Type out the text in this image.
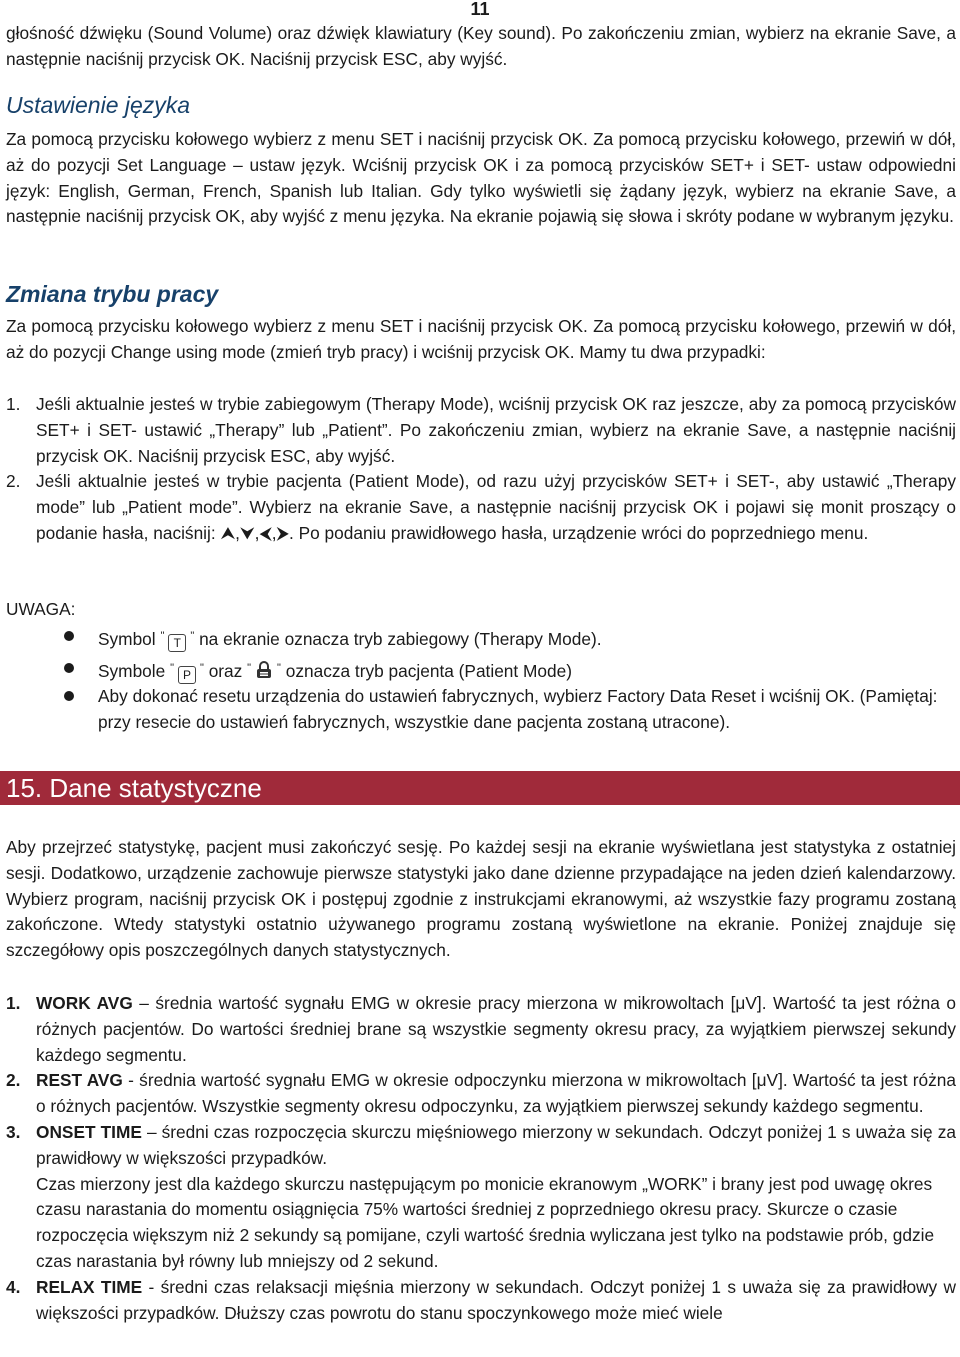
11
głośność dźwięku (Sound Volume) oraz dźwięk klawiatury (Key sound). Po zakończeniu zmian, wybierz na ekranie Save, a następnie naciśnij przycisk OK. Naciśnij przycisk ESC, aby wyjść.
Ustawienie języka
Za pomocą przycisku kołowego wybierz z menu SET i naciśnij przycisk OK. Za pomocą przycisku kołowego, przewiń w dół, aż do pozycji Set Language – ustaw język. Wciśnij przycisk OK i za pomocą przycisków SET+ i SET- ustaw odpowiedni język: English, German, French, Spanish lub Italian. Gdy tylko wyświetli się żądany język, wybierz na ekranie Save, a następnie naciśnij przycisk OK, aby wyjść z menu języka. Na ekranie pojawią się słowa i skróty podane w wybranym języku.
Zmiana trybu pracy
Za pomocą przycisku kołowego wybierz z menu SET i naciśnij przycisk OK. Za pomocą przycisku kołowego, przewiń w dół, aż do pozycji Change using mode (zmień tryb pracy) i wciśnij przycisk OK. Mamy tu dwa przypadki:
1. Jeśli aktualnie jesteś w trybie zabiegowym (Therapy Mode), wciśnij przycisk OK raz jeszcze, aby za pomocą przycisków SET+ i SET- ustawić „Therapy” lub „Patient”. Po zakończeniu zmian, wybierz na ekranie Save, a następnie naciśnij przycisk OK. Naciśnij przycisk ESC, aby wyjść.
2. Jeśli aktualnie jesteś w trybie pacjenta (Patient Mode), od razu użyj przycisków SET+ i SET-, aby ustawić „Therapy mode” lub „Patient mode”. Wybierz na ekranie Save, a następnie naciśnij przycisk OK i pojawi się monit proszący o podanie hasła, naciśnij: ⮝,⮟,⮜,⮞. Po podaniu prawidłowego hasła, urządzenie wróci do poprzedniego menu.
UWAGA:
Symbol " T " na ekranie oznacza tryb zabiegowy (Therapy Mode).
Symbole " P " oraz " " oznacza tryb pacjenta (Patient Mode)
Aby dokonać resetu urządzenia do ustawień fabrycznych, wybierz Factory Data Reset i wciśnij OK. (Pamiętaj: przy resecie do ustawień fabrycznych, wszystkie dane pacjenta zostaną utracone).
15. Dane statystyczne
Aby przejrzeć statystykę, pacjent musi zakończyć sesję. Po każdej sesji na ekranie wyświetlana jest statystyka z ostatniej sesji. Dodatkowo, urządzenie zachowuje pierwsze statystyki jako dane dzienne przypadające na jeden dzień kalendarzowy. Wybierz program, naciśnij przycisk OK i postępuj zgodnie z instrukcjami ekranowymi, aż wszystkie fazy programu zostaną zakończone. Wtedy statystyki ostatnio używanego programu zostaną wyświetlone na ekranie. Poniżej znajduje się szczegółowy opis poszczególnych danych statystycznych.
1. WORK AVG – średnia wartość sygnału EMG w okresie pracy mierzona w mikrowoltach [μV]. Wartość ta jest różna o różnych pacjentów. Do wartości średniej brane są wszystkie segmenty okresu pracy, za wyjątkiem pierwszej sekundy każdego segmentu.
2. REST AVG - średnia wartość sygnału EMG w okresie odpoczynku mierzona w mikrowoltach [μV]. Wartość ta jest różna o różnych pacjentów. Wszystkie segmenty okresu odpoczynku, za wyjątkiem pierwszej sekundy każdego segmentu.
3. ONSET TIME – średni czas rozpoczęcia skurczu mięśniowego mierzony w sekundach. Odczyt poniżej 1 s uważa się za prawidłowy w większości przypadków.
Czas mierzony jest dla każdego skurczu następującym po monicie ekranowym „WORK” i brany jest pod uwagę okres czasu narastania do momentu osiągnięcia 75% wartości średniej z poprzedniego okresu pracy. Skurcze o czasie rozpoczęcia większym niż 2 sekundy są pomijane, czyli wartość średnia wyliczana jest tylko na podstawie prób, gdzie czas narastania był równy lub mniejszy od 2 sekund.
4. RELAX TIME - średni czas relaksacji mięśnia mierzony w sekundach. Odczyt poniżej 1 s uważa się za prawidłowy w większości przypadków. Dłuższy czas powrotu do stanu spoczynkowego może mieć wiele
